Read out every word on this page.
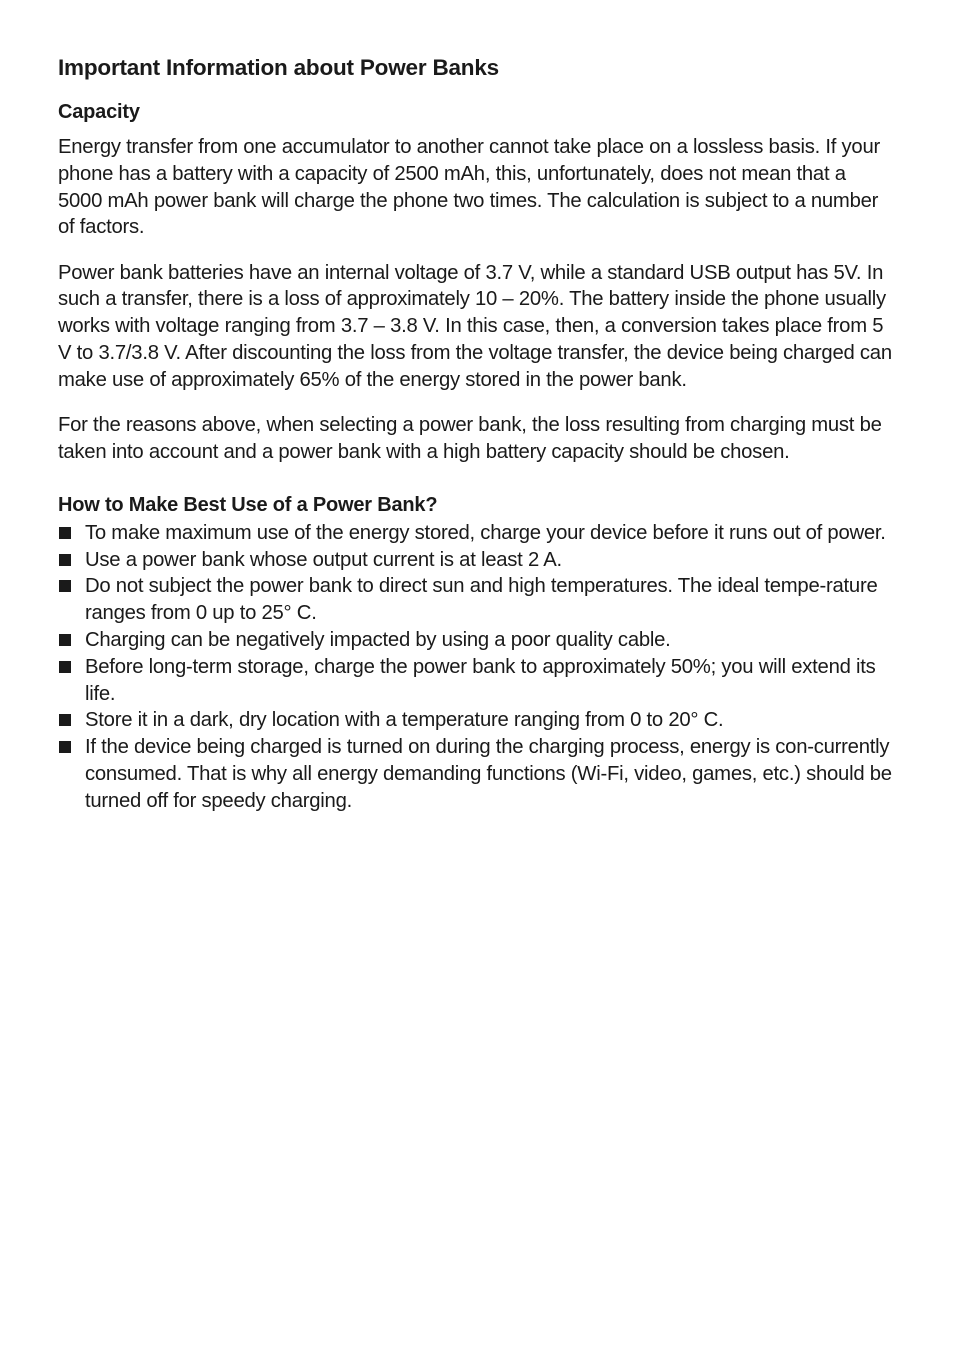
Important Information about Power Banks
Capacity

Energy transfer from one accumulator to another cannot take place on a lossless basis. If your phone has a battery with a capacity of 2500 mAh, this, unfortunately, does not mean that a 5000 mAh power bank will charge the phone two times. The calculation is subject to a number of factors.

Power bank batteries have an internal voltage of 3.7 V, while a standard USB output has 5V. In such a transfer, there is a loss of approximately 10 – 20%. The battery inside the phone usually works with voltage ranging from 3.7 – 3.8 V. In this case, then, a conversion takes place from 5 V to 3.7/3.8 V. After discounting the loss from the voltage transfer, the device being charged can make use of approximately 65% of the energy stored in the power bank.

For the reasons above, when selecting a power bank, the loss resulting from charging must be taken into account and a power bank with a high battery capacity should be chosen.

How to Make Best Use of a Power Bank?
To make maximum use of the energy stored, charge your device before it runs out of power.
Use a power bank whose output current is at least 2 A.
Do not subject the power bank to direct sun and high temperatures. The ideal tempe-rature ranges from 0 up to 25° C.
Charging can be negatively impacted by using a poor quality cable.
Before long-term storage, charge the power bank to approximately 50%; you will extend its life.
Store it in a dark, dry location with a temperature ranging from 0 to 20° C.
If the device being charged is turned on during the charging process, energy is con-currently consumed. That is why all energy demanding functions (Wi-Fi, video, games, etc.) should be turned off for speedy charging.
